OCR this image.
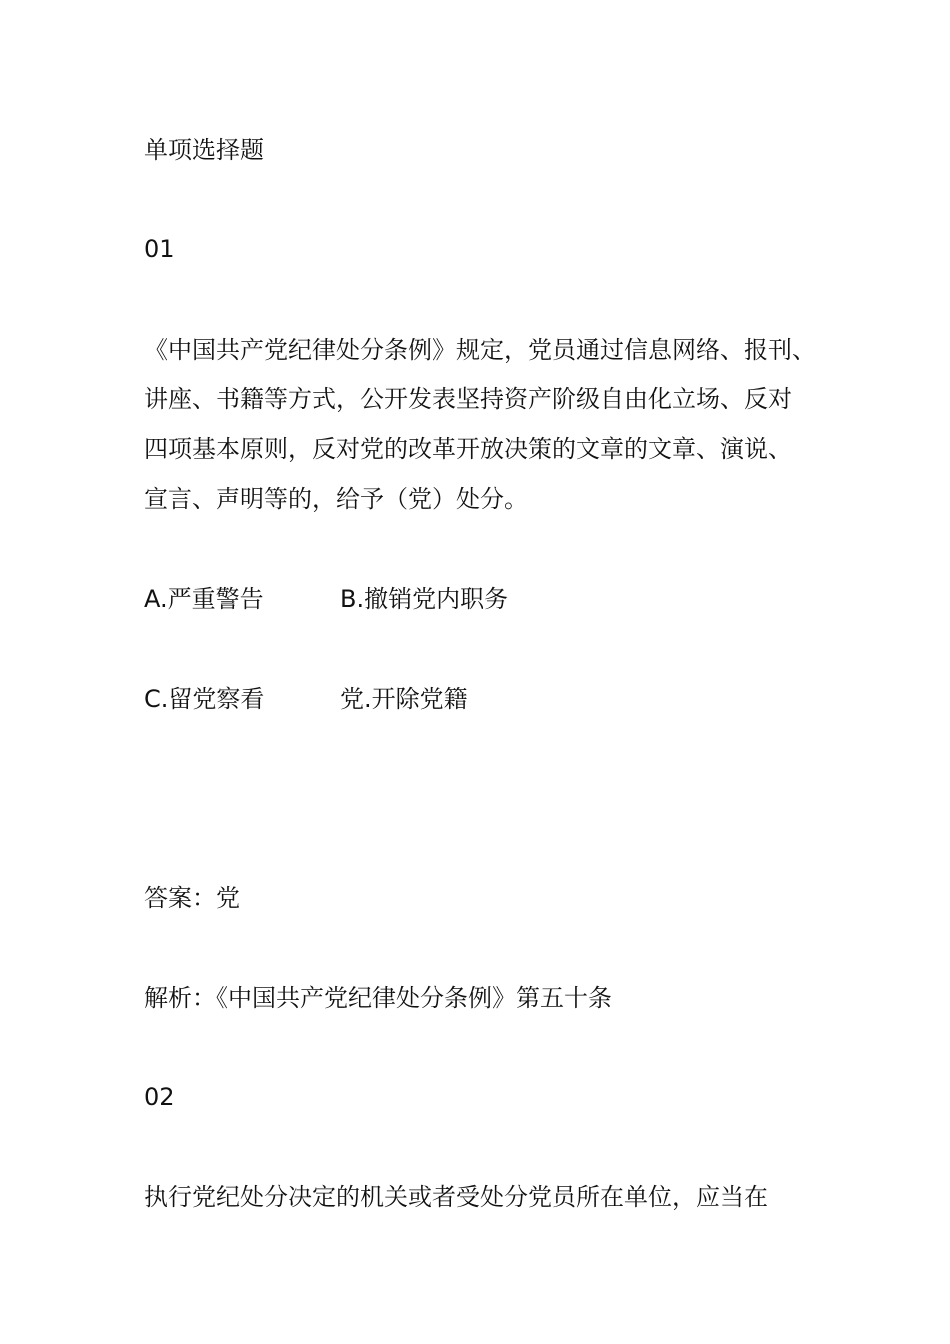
单项选择题
01
《中国共产党纪律处分条例》规定，党员通过信息网络、报刊、
讲座、书籍等方式，公开发表坚持资产阶级自由化立场、反对
四项基本原则，反对党的改革开放决策的文章的文章、演说、
宣言、声明等的，给予（党）处分。
A.严重警告	B.撤销党内职务
C.留党察看	党.开除党籍
答案：党
解析：《中国共产党纪律处分条例》第五十条
02
执行党纪处分决定的机关或者受处分党员所在单位，应当在
